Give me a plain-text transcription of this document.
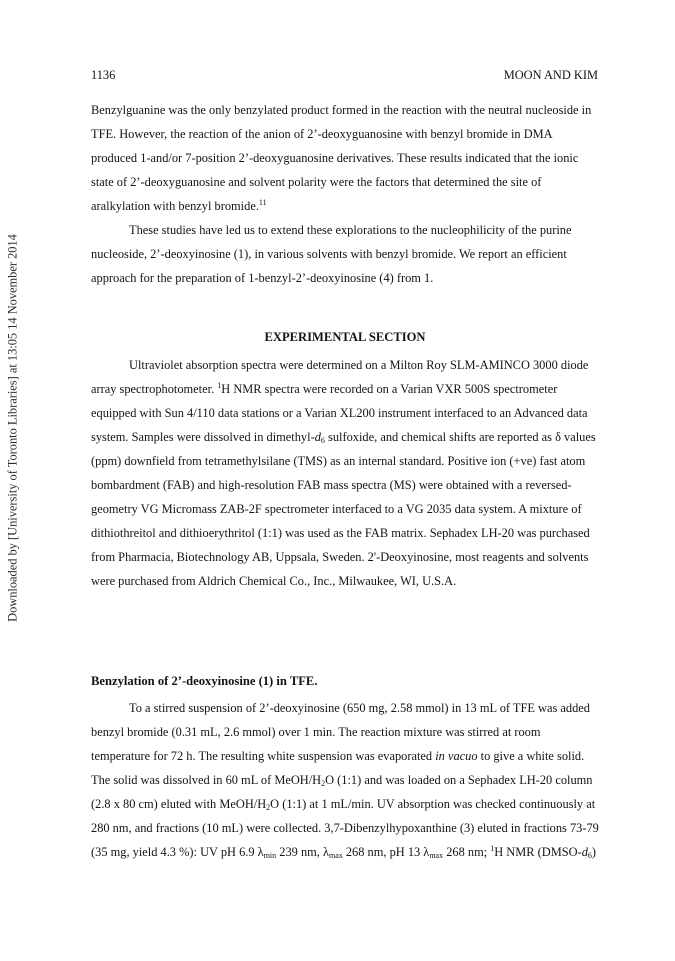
Downloaded by [University of Toronto Libraries] at 13:05 14 November 2014
1136	MOON AND KIM

Benzylguanine was the only benzylated product formed in the reaction with the neutral nucleoside in TFE. However, the reaction of the anion of 2’-deoxyguanosine with benzyl bromide in DMA produced 1-and/or 7-position 2’-deoxyguanosine derivatives. These results indicated that the ionic state of 2’-deoxyguanosine and solvent polarity were the factors that determined the site of aralkylation with benzyl bromide.$^{11}$

These studies have led us to extend these explorations to the nucleophilicity of the purine nucleoside, 2’-deoxyinosine (1), in various solvents with benzyl bromide. We report an efficient approach for the preparation of 1-benzyl-2’-deoxyinosine (4) from 1.

EXPERIMENTAL SECTION

Ultraviolet absorption spectra were determined on a Milton Roy SLM-AMINCO 3000 diode array spectrophotometer. $^1$H NMR spectra were recorded on a Varian VXR 500S spectrometer equipped with Sun 4/110 data stations or a Varian XL200 instrument interfaced to an Advanced data system. Samples were dissolved in dimethyl-$d_6$ sulfoxide, and chemical shifts are reported as δ values (ppm) downfield from tetramethylsilane (TMS) as an internal standard. Positive ion (+ve) fast atom bombardment (FAB) and high-resolution FAB mass spectra (MS) were obtained with a reversed-geometry VG Micromass ZAB-2F spectrometer interfaced to a VG 2035 data system. A mixture of dithiothreitol and dithioerythritol (1:1) was used as the FAB matrix. Sephadex LH-20 was purchased from Pharmacia, Biotechnology AB, Uppsala, Sweden. 2'-Deoxyinosine, most reagents and solvents were purchased from Aldrich Chemical Co., Inc., Milwaukee, WI, U.S.A.

Benzylation of 2’-deoxyinosine (1) in TFE.

To a stirred suspension of 2’-deoxyinosine (650 mg, 2.58 mmol) in 13 mL of TFE was added benzyl bromide (0.31 mL, 2.6 mmol) over 1 min. The reaction mixture was stirred at room temperature for 72 h. The resulting white suspension was evaporated in vacuo to give a white solid. The solid was dissolved in 60 mL of MeOH/$H_2O$ (1:1) and was loaded on a Sephadex LH-20 column (2.8 x 80 cm) eluted with MeOH/$H_2O$ (1:1) at 1 mL/min. UV absorption was checked continuously at 280 nm, and fractions (10 mL) were collected. 3,7-Dibenzylhypoxanthine (3) eluted in fractions 73-79 (35 mg, yield 4.3 %): UV pH 6.9 $\lambda_{min}$ 239 nm, $\lambda_{max}$ 268 nm, pH 13 $\lambda_{max}$ 268 nm; $^1$H NMR $(DMSO-d_6)$
